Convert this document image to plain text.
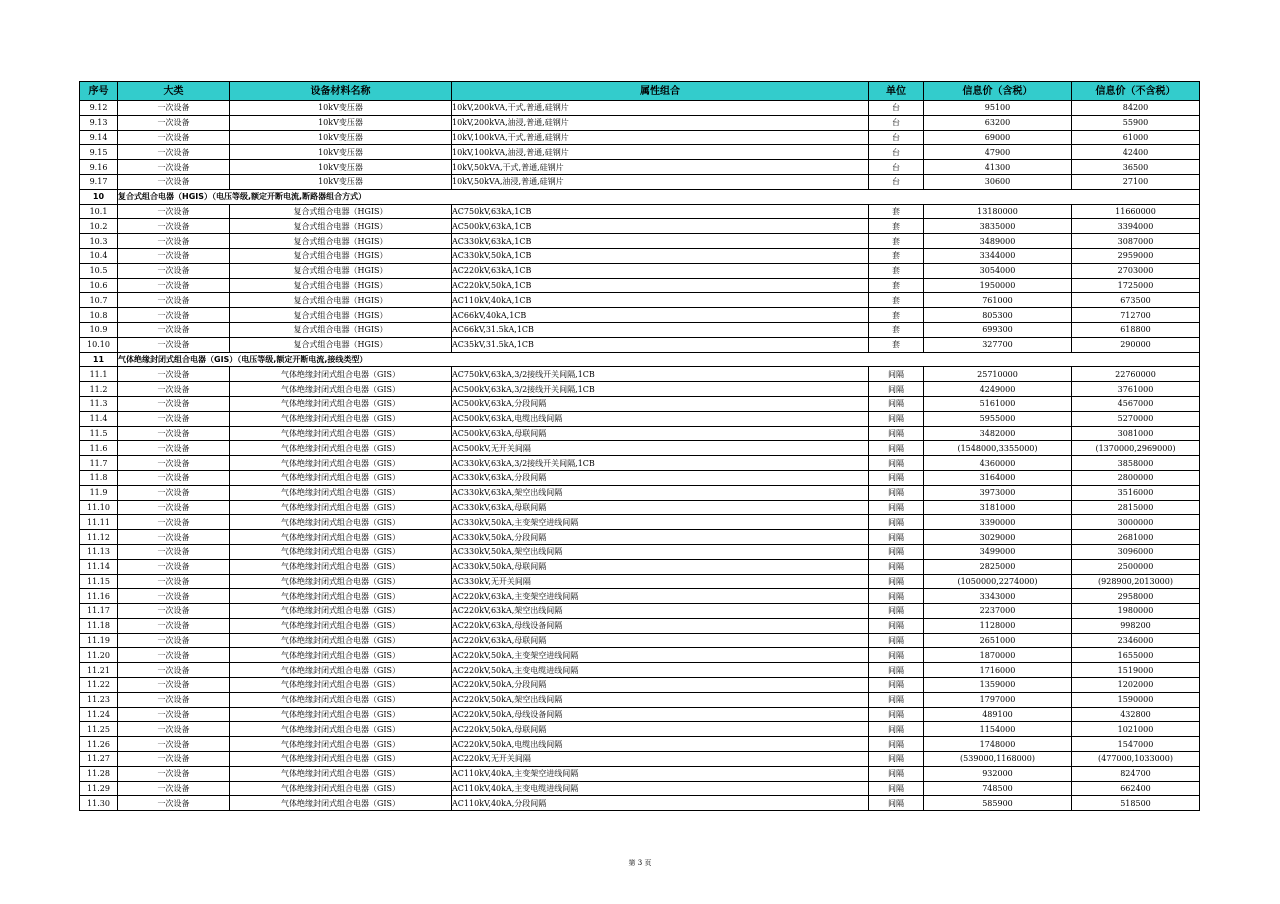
序号	大类	设备材料名称	属性组合	单位	信息价（含税）	信息价（不含税）
9.12	一次设备	10kV变压器	10kV,200kVA,干式,普通,硅钢片	台	95100	84200
9.13	一次设备	10kV变压器	10kV,200kVA,油浸,普通,硅钢片	台	63200	55900
9.14	一次设备	10kV变压器	10kV,100kVA,干式,普通,硅钢片	台	69000	61000
9.15	一次设备	10kV变压器	10kV,100kVA,油浸,普通,硅钢片	台	47900	42400
9.16	一次设备	10kV变压器	10kV,50kVA,干式,普通,硅钢片	台	41300	36500
9.17	一次设备	10kV变压器	10kV,50kVA,油浸,普通,硅钢片	台	30600	27100
10	复合式组合电器（HGIS）（电压等级,额定开断电流,断路器组合方式）					
10.1	一次设备	复合式组合电器（HGIS）	AC750kV,63kA,1CB	套	13180000	11660000
10.2	一次设备	复合式组合电器（HGIS）	AC500kV,63kA,1CB	套	3835000	3394000
10.3	一次设备	复合式组合电器（HGIS）	AC330kV,63kA,1CB	套	3489000	3087000
10.4	一次设备	复合式组合电器（HGIS）	AC330kV,50kA,1CB	套	3344000	2959000
10.5	一次设备	复合式组合电器（HGIS）	AC220kV,63kA,1CB	套	3054000	2703000
10.6	一次设备	复合式组合电器（HGIS）	AC220kV,50kA,1CB	套	1950000	1725000
10.7	一次设备	复合式组合电器（HGIS）	AC110kV,40kA,1CB	套	761000	673500
10.8	一次设备	复合式组合电器（HGIS）	AC66kV,40kA,1CB	套	805300	712700
10.9	一次设备	复合式组合电器（HGIS）	AC66kV,31.5kA,1CB	套	699300	618800
10.10	一次设备	复合式组合电器（HGIS）	AC35kV,31.5kA,1CB	套	327700	290000
11	气体绝缘封闭式组合电器（GIS）（电压等级,额定开断电流,接线类型）					
11.1	一次设备	气体绝缘封闭式组合电器（GIS）	AC750kV,63kA,3/2接线开关间隔,1CB	间隔	25710000	22760000
11.2	一次设备	气体绝缘封闭式组合电器（GIS）	AC500kV,63kA,3/2接线开关间隔,1CB	间隔	4249000	3761000
11.3	一次设备	气体绝缘封闭式组合电器（GIS）	AC500kV,63kA,分段间隔	间隔	5161000	4567000
11.4	一次设备	气体绝缘封闭式组合电器（GIS）	AC500kV,63kA,电缆出线间隔	间隔	5955000	5270000
11.5	一次设备	气体绝缘封闭式组合电器（GIS）	AC500kV,63kA,母联间隔	间隔	3482000	3081000
11.6	一次设备	气体绝缘封闭式组合电器（GIS）	AC500kV,无开关间隔	间隔	(1548000,3355000)	(1370000,2969000)
11.7	一次设备	气体绝缘封闭式组合电器（GIS）	AC330kV,63kA,3/2接线开关间隔,1CB	间隔	4360000	3858000
11.8	一次设备	气体绝缘封闭式组合电器（GIS）	AC330kV,63kA,分段间隔	间隔	3164000	2800000
11.9	一次设备	气体绝缘封闭式组合电器（GIS）	AC330kV,63kA,架空出线间隔	间隔	3973000	3516000
11.10	一次设备	气体绝缘封闭式组合电器（GIS）	AC330kV,63kA,母联间隔	间隔	3181000	2815000
11.11	一次设备	气体绝缘封闭式组合电器（GIS）	AC330kV,50kA,主变架空进线间隔	间隔	3390000	3000000
11.12	一次设备	气体绝缘封闭式组合电器（GIS）	AC330kV,50kA,分段间隔	间隔	3029000	2681000
11.13	一次设备	气体绝缘封闭式组合电器（GIS）	AC330kV,50kA,架空出线间隔	间隔	3499000	3096000
11.14	一次设备	气体绝缘封闭式组合电器（GIS）	AC330kV,50kA,母联间隔	间隔	2825000	2500000
11.15	一次设备	气体绝缘封闭式组合电器（GIS）	AC330kV,无开关间隔	间隔	(1050000,2274000)	(928900,2013000)
11.16	一次设备	气体绝缘封闭式组合电器（GIS）	AC220kV,63kA,主变架空进线间隔	间隔	3343000	2958000
11.17	一次设备	气体绝缘封闭式组合电器（GIS）	AC220kV,63kA,架空出线间隔	间隔	2237000	1980000
11.18	一次设备	气体绝缘封闭式组合电器（GIS）	AC220kV,63kA,母线设备间隔	间隔	1128000	998200
11.19	一次设备	气体绝缘封闭式组合电器（GIS）	AC220kV,63kA,母联间隔	间隔	2651000	2346000
11.20	一次设备	气体绝缘封闭式组合电器（GIS）	AC220kV,50kA,主变架空进线间隔	间隔	1870000	1655000
11.21	一次设备	气体绝缘封闭式组合电器（GIS）	AC220kV,50kA,主变电缆进线间隔	间隔	1716000	1519000
11.22	一次设备	气体绝缘封闭式组合电器（GIS）	AC220kV,50kA,分段间隔	间隔	1359000	1202000
11.23	一次设备	气体绝缘封闭式组合电器（GIS）	AC220kV,50kA,架空出线间隔	间隔	1797000	1590000
11.24	一次设备	气体绝缘封闭式组合电器（GIS）	AC220kV,50kA,母线设备间隔	间隔	489100	432800
11.25	一次设备	气体绝缘封闭式组合电器（GIS）	AC220kV,50kA,母联间隔	间隔	1154000	1021000
11.26	一次设备	气体绝缘封闭式组合电器（GIS）	AC220kV,50kA,电缆出线间隔	间隔	1748000	1547000
11.27	一次设备	气体绝缘封闭式组合电器（GIS）	AC220kV,无开关间隔	间隔	(539000,1168000)	(477000,1033000)
11.28	一次设备	气体绝缘封闭式组合电器（GIS）	AC110kV,40kA,主变架空进线间隔	间隔	932000	824700
11.29	一次设备	气体绝缘封闭式组合电器（GIS）	AC110kV,40kA,主变电缆进线间隔	间隔	748500	662400
11.30	一次设备	气体绝缘封闭式组合电器（GIS）	AC110kV,40kA,分段间隔	间隔	585900	518500
第 3 页
